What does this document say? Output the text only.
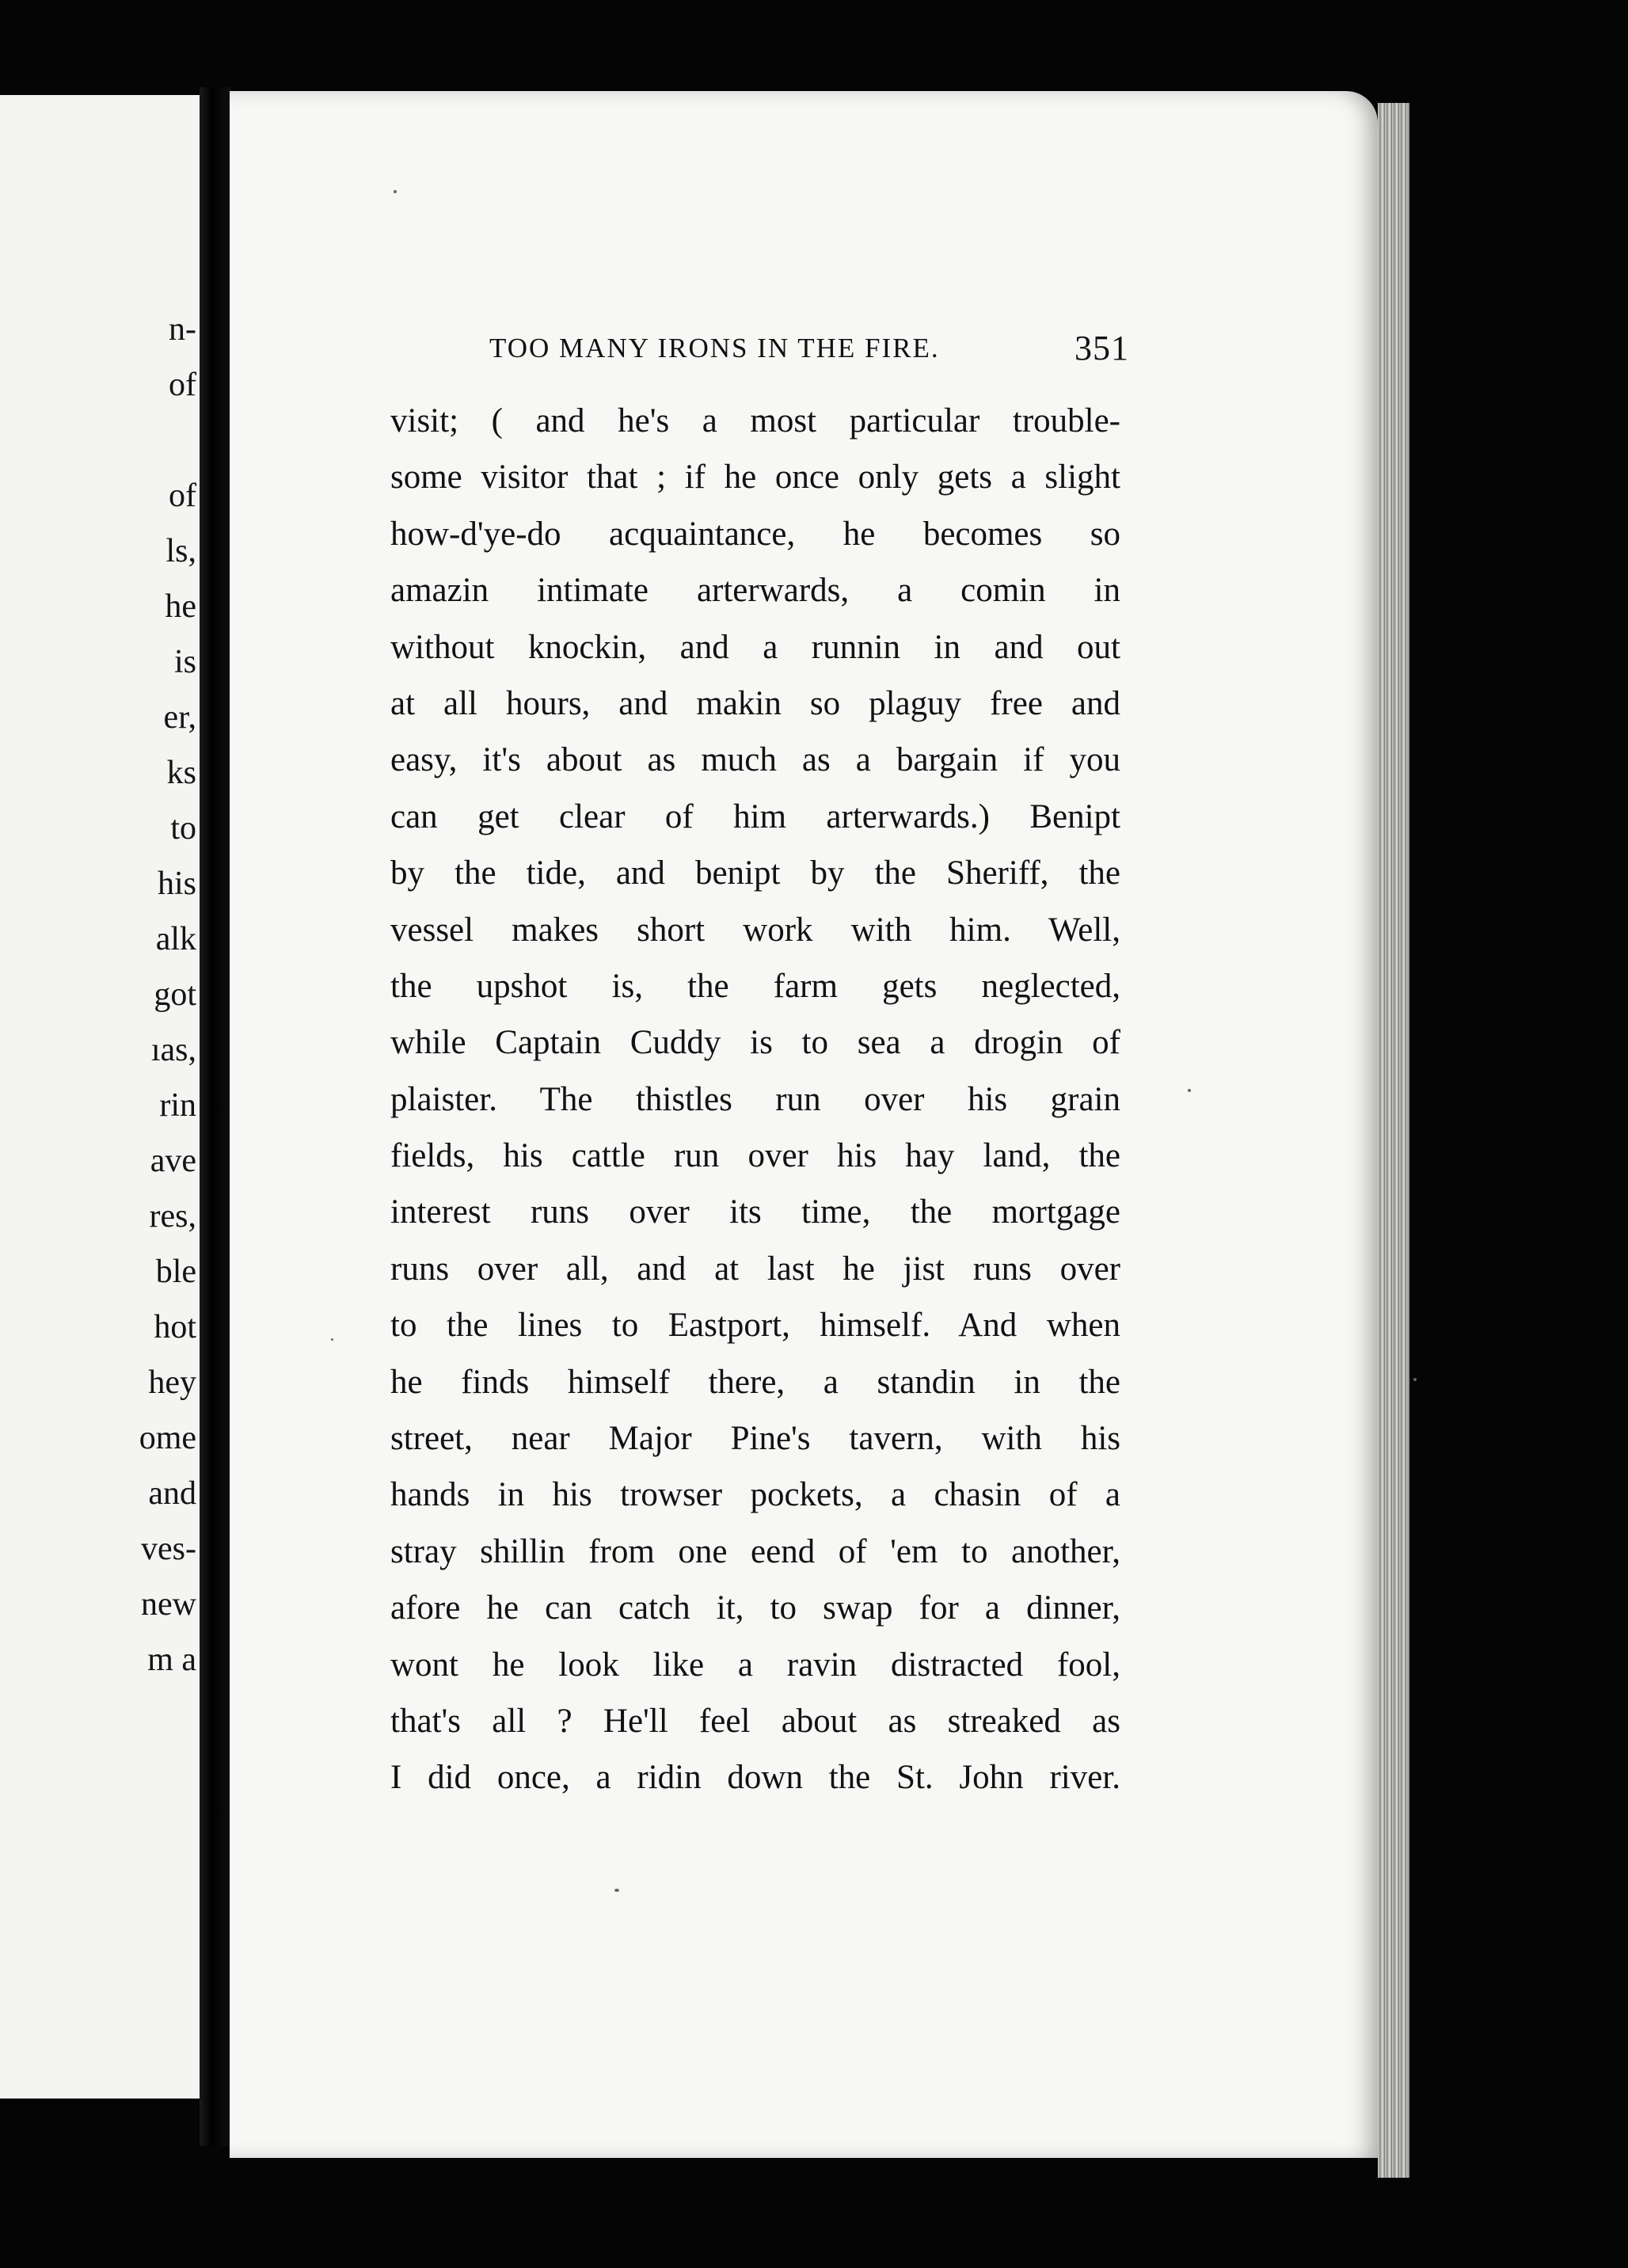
n-
of
of
ls,
he
is
er,
ks
to
his
alk
got
ıas,
rin
ave
res,
ble
hot
hey
ome
and
ves-
new
m a
TOO MANY IRONS IN THE FIRE.	351
visit; ( and he's a most particular trouble-
some visitor that ; if he once only gets a slight
how-d'ye-do acquaintance, he becomes so
amazin intimate arterwards, a comin in
without knockin, and a runnin in and out
at all hours, and makin so plaguy free and
easy, it's about as much as a bargain if you
can get clear of him arterwards.) Benipt
by the tide, and benipt by the Sheriff, the
vessel makes short work with him. Well,
the upshot is, the farm gets neglected,
while Captain Cuddy is to sea a drogin of
plaister. The thistles run over his grain
fields, his cattle run over his hay land, the
interest runs over its time, the mortgage
runs over all, and at last he jist runs over
to the lines to Eastport, himself. And when
he finds himself there, a standin in the
street, near Major Pine's tavern, with his
hands in his trowser pockets, a chasin of a
stray shillin from one eend of 'em to another,
afore he can catch it, to swap for a dinner,
wont he look like a ravin distracted fool,
that's all ? He'll feel about as streaked as
I did once, a ridin down the St. John river.
